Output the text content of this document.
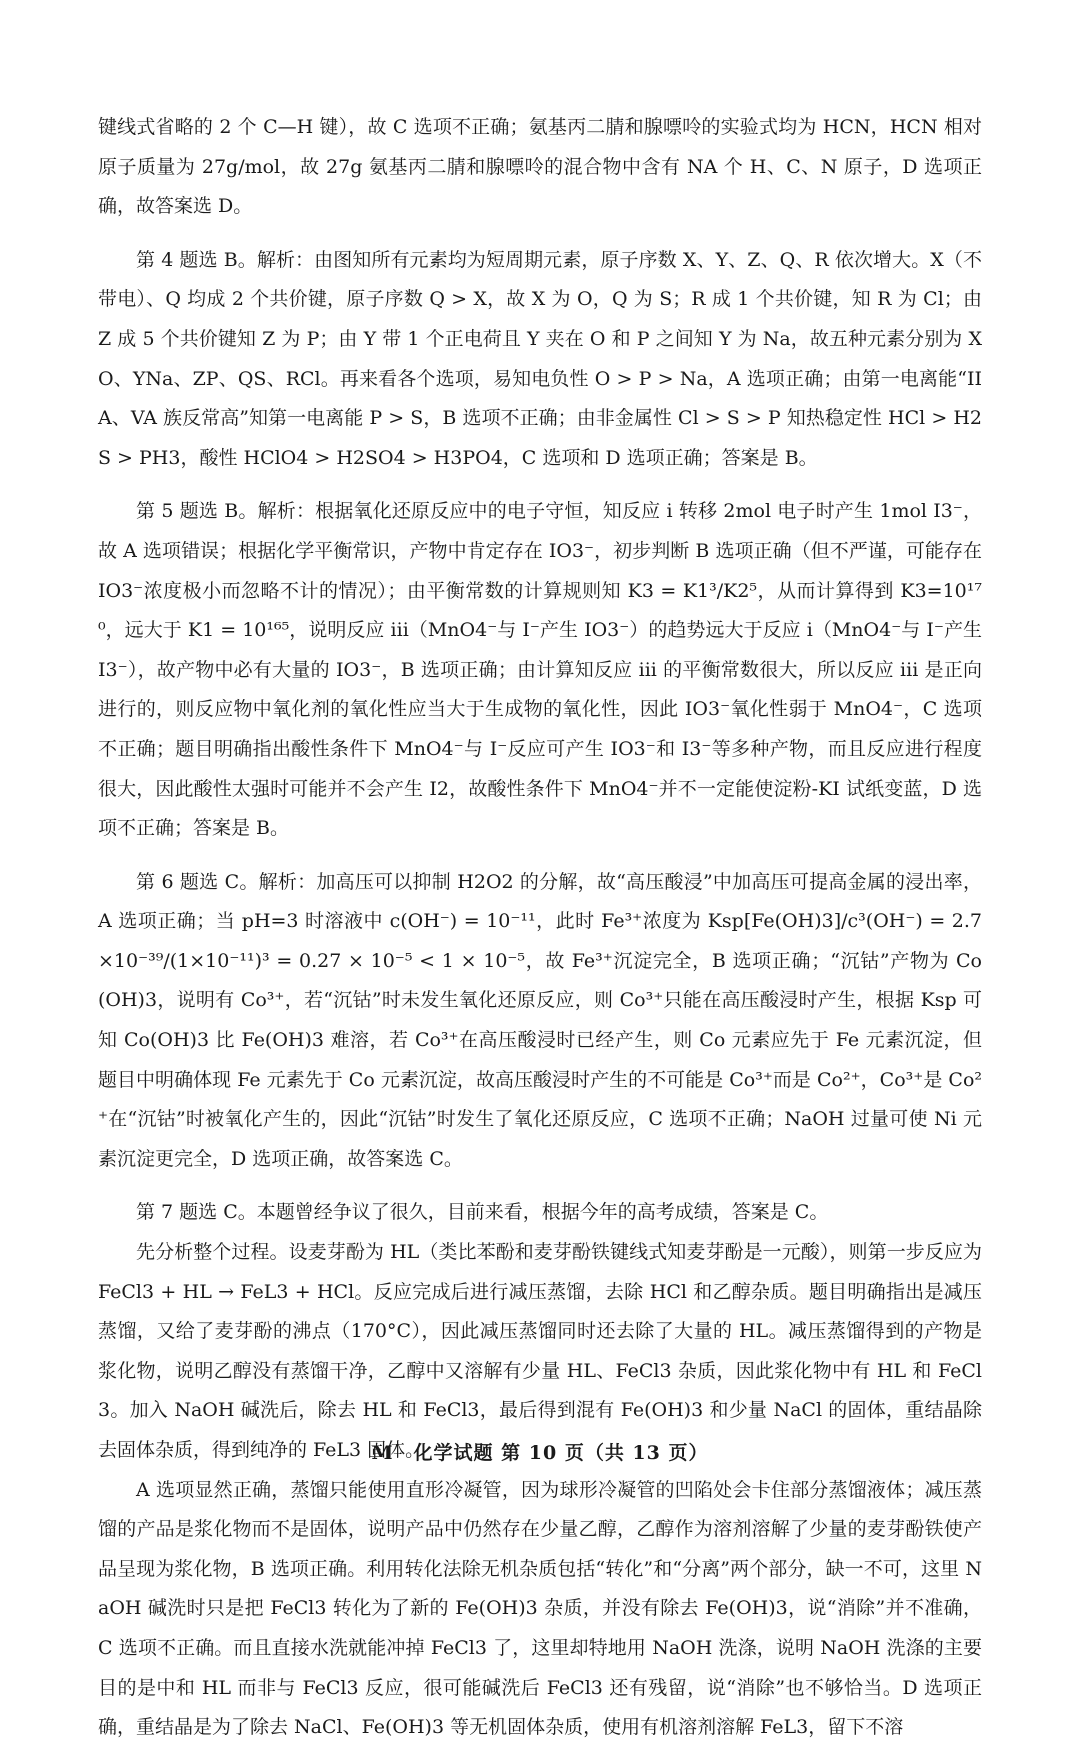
键线式省略的 2 个 C—H 键），故 C 选项不正确；氨基丙二腈和腺嘌呤的实验式均为 HCN，HCN 相对原子质量为 27g/mol，故 27g 氨基丙二腈和腺嘌呤的混合物中含有 NA 个 H、C、N 原子，D 选项正确，故答案选 D。

第 4 题选 B。解析：由图知所有元素均为短周期元素，原子序数 X、Y、Z、Q、R 依次增大。X（不带电）、Q 均成 2 个共价键，原子序数 Q > X，故 X 为 O，Q 为 S；R 成 1 个共价键，知 R 为 Cl；由 Z 成 5 个共价键知 Z 为 P；由 Y 带 1 个正电荷且 Y 夹在 O 和 P 之间知 Y 为 Na，故五种元素分别为 XO、YNa、ZP、QS、RCl。再来看各个选项，易知电负性 O > P > Na，A 选项正确；由第一电离能“IIA、VA 族反常高”知第一电离能 P > S，B 选项不正确；由非金属性 Cl > S > P 知热稳定性 HCl > H2S > PH3，酸性 HClO4 > H2SO4 > H3PO4，C 选项和 D 选项正确；答案是 B。

第 5 题选 B。解析：根据氧化还原反应中的电子守恒，知反应 i 转移 2mol 电子时产生 1mol I3⁻，故 A 选项错误；根据化学平衡常识，产物中肯定存在 IO3⁻，初步判断 B 选项正确（但不严谨，可能存在 IO3⁻浓度极小而忽略不计的情况）；由平衡常数的计算规则知 K3 = K1³/K2⁵，从而计算得到 K3=10¹⁷⁰，远大于 K1 = 10¹⁶⁵，说明反应 iii（MnO4⁻与 I⁻产生 IO3⁻）的趋势远大于反应 i（MnO4⁻与 I⁻产生 I3⁻），故产物中必有大量的 IO3⁻，B 选项正确；由计算知反应 iii 的平衡常数很大，所以反应 iii 是正向进行的，则反应物中氧化剂的氧化性应当大于生成物的氧化性，因此 IO3⁻氧化性弱于 MnO4⁻，C 选项不正确；题目明确指出酸性条件下 MnO4⁻与 I⁻反应可产生 IO3⁻和 I3⁻等多种产物，而且反应进行程度很大，因此酸性太强时可能并不会产生 I2，故酸性条件下 MnO4⁻并不一定能使淀粉-KI 试纸变蓝，D 选项不正确；答案是 B。

第 6 题选 C。解析：加高压可以抑制 H2O2 的分解，故“高压酸浸”中加高压可提高金属的浸出率，A 选项正确；当 pH=3 时溶液中 c(OH⁻) = 10⁻¹¹，此时 Fe³⁺浓度为 Ksp[Fe(OH)3]/c³(OH⁻) = 2.7×10⁻³⁹/(1×10⁻¹¹)³ = 0.27 × 10⁻⁵ < 1 × 10⁻⁵，故 Fe³⁺沉淀完全，B 选项正确；“沉钴”产物为 Co(OH)3，说明有 Co³⁺，若“沉钴”时未发生氧化还原反应，则 Co³⁺只能在高压酸浸时产生，根据 Ksp 可知 Co(OH)3 比 Fe(OH)3 难溶，若 Co³⁺在高压酸浸时已经产生，则 Co 元素应先于 Fe 元素沉淀，但题目中明确体现 Fe 元素先于 Co 元素沉淀，故高压酸浸时产生的不可能是 Co³⁺而是 Co²⁺，Co³⁺是 Co²⁺在“沉钴”时被氧化产生的，因此“沉钴”时发生了氧化还原反应，C 选项不正确；NaOH 过量可使 Ni 元素沉淀更完全，D 选项正确，故答案选 C。

第 7 题选 C。本题曾经争议了很久，目前来看，根据今年的高考成绩，答案是 C。

先分析整个过程。设麦芽酚为 HL（类比苯酚和麦芽酚铁键线式知麦芽酚是一元酸），则第一步反应为 FeCl3 + HL → FeL3 + HCl。反应完成后进行减压蒸馏，去除 HCl 和乙醇杂质。题目明确指出是减压蒸馏，又给了麦芽酚的沸点（170°C），因此减压蒸馏同时还去除了大量的 HL。减压蒸馏得到的产物是浆化物，说明乙醇没有蒸馏干净，乙醇中又溶解有少量 HL、FeCl3 杂质，因此浆化物中有 HL 和 FeCl3。加入 NaOH 碱洗后，除去 HL 和 FeCl3，最后得到混有 Fe(OH)3 和少量 NaCl 的固体，重结晶除去固体杂质，得到纯净的 FeL3 固体。

A 选项显然正确，蒸馏只能使用直形冷凝管，因为球形冷凝管的凹陷处会卡住部分蒸馏液体；减压蒸馏的产品是浆化物而不是固体，说明产品中仍然存在少量乙醇，乙醇作为溶剂溶解了少量的麦芽酚铁使产品呈现为浆化物，B 选项正确。利用转化法除无机杂质包括“转化”和“分离”两个部分，缺一不可，这里 NaOH 碱洗时只是把 FeCl3 转化为了新的 Fe(OH)3 杂质，并没有除去 Fe(OH)3，说“消除”并不准确，C 选项不正确。而且直接水洗就能冲掉 FeCl3 了，这里却特地用 NaOH 洗涤，说明 NaOH 洗涤的主要目的是中和 HL 而非与 FeCl3 反应，很可能碱洗后 FeCl3 还有残留，说“消除”也不够恰当。D 选项正确，重结晶是为了除去 NaCl、Fe(OH)3 等无机固体杂质，使用有机溶剂溶解 FeL3，留下不溶

M　化学试题 第 10 页（共 13 页）
